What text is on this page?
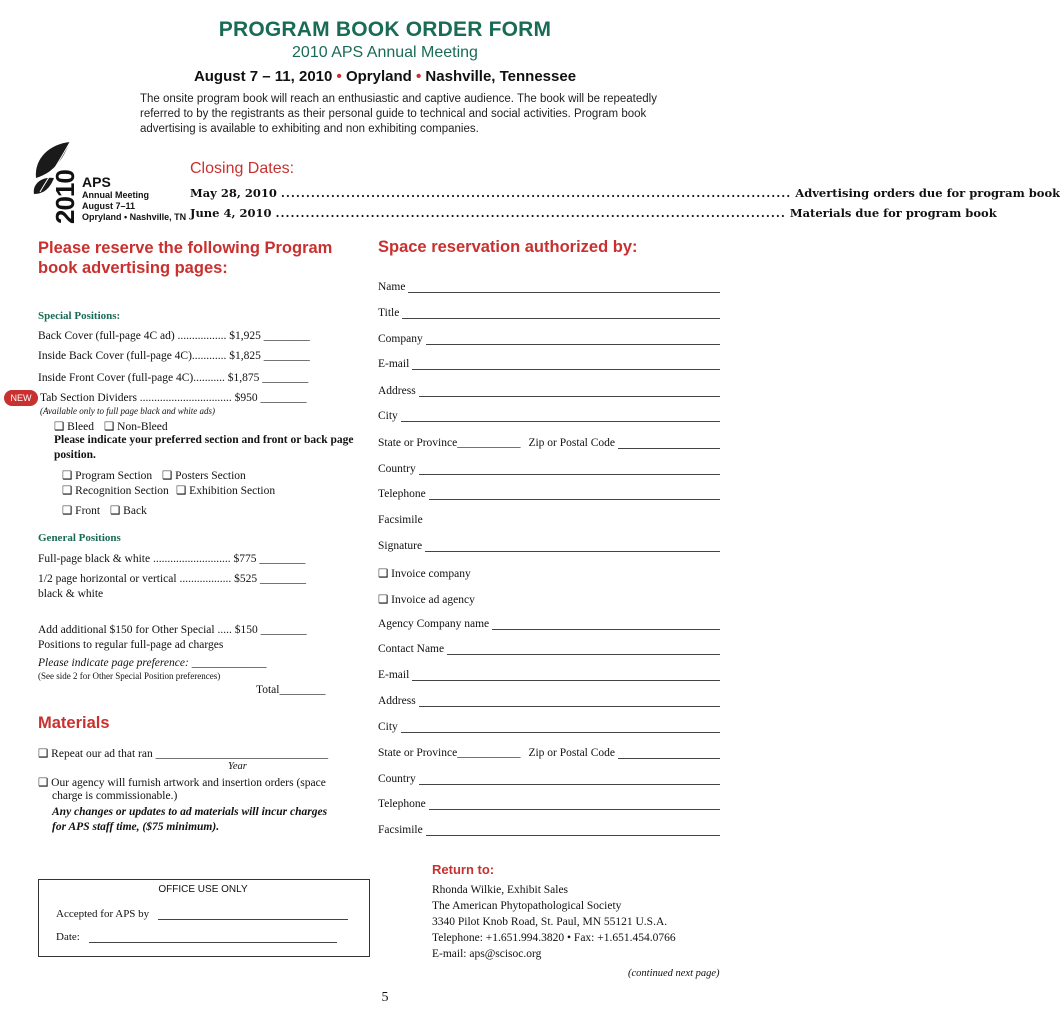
PROGRAM BOOK ORDER FORM
2010 APS Annual Meeting
August 7 – 11, 2010 • Opryland • Nashville, Tennessee
The onsite program book will reach an enthusiastic and captive audience. The book will be repeatedly referred to by the registrants as their personal guide to technical and social activities. Program book advertising is available to exhibiting and non exhibiting companies.
2010 APS
Annual Meeting
August 7–11
Opryland • Nashville, TN
Closing Dates:
May 28, 2010 ...................................................................................................... Advertising orders due for program book
June 4, 2010 ...................................................................................................... Materials due for program book
Please reserve the following Program book advertising pages:
Special Positions:
Back Cover (full-page 4C ad) ................. $1,925 ________
Inside Back Cover (full-page 4C)............ $1,825 ________
Inside Front Cover (full-page 4C)........... $1,875 ________
NEW Tab Section Dividers ................................ $950 ________
(Available only to full page black and white ads)
❑ Bleed ❑ Non-Bleed
Please indicate your preferred section and front or back page position.
❑ Program Section ❑ Posters Section
❑ Recognition Section ❑ Exhibition Section
❑ Front ❑ Back
General Positions
Full-page black & white ........................... $775 ________
1/2 page horizontal or vertical .................. $525 ________
black & white
Add additional $150 for Other Special ..... $150 ________
Positions to regular full-page ad charges
Please indicate page preference: _____________
(See side 2 for Other Special Position preferences)
Total________
Materials
❑ Repeat our ad that ran ______________________________
Year
❑ Our agency will furnish artwork and insertion orders (space
charge is commissionable.)
Any changes or updates to ad materials will incur charges
for APS staff time, ($75 minimum).
Space reservation authorized by:
Name
Title
Company
E-mail
Address
City
State or Province ___________ Zip or Postal Code
Country
Telephone
Facsimile
Signature
❑ Invoice company
❑ Invoice ad agency
Agency Company name
Contact Name
E-mail
Address
City
State or Province ___________ Zip or Postal Code
Country
Telephone
Facsimile
OFFICE USE ONLY
Accepted for APS by
Date:
Return to:
Rhonda Wilkie, Exhibit Sales
The American Phytopathological Society
3340 Pilot Knob Road, St. Paul, MN 55121 U.S.A.
Telephone: +1.651.994.3820 • Fax: +1.651.454.0766
E-mail: aps@scisoc.org
(continued next page)
5
